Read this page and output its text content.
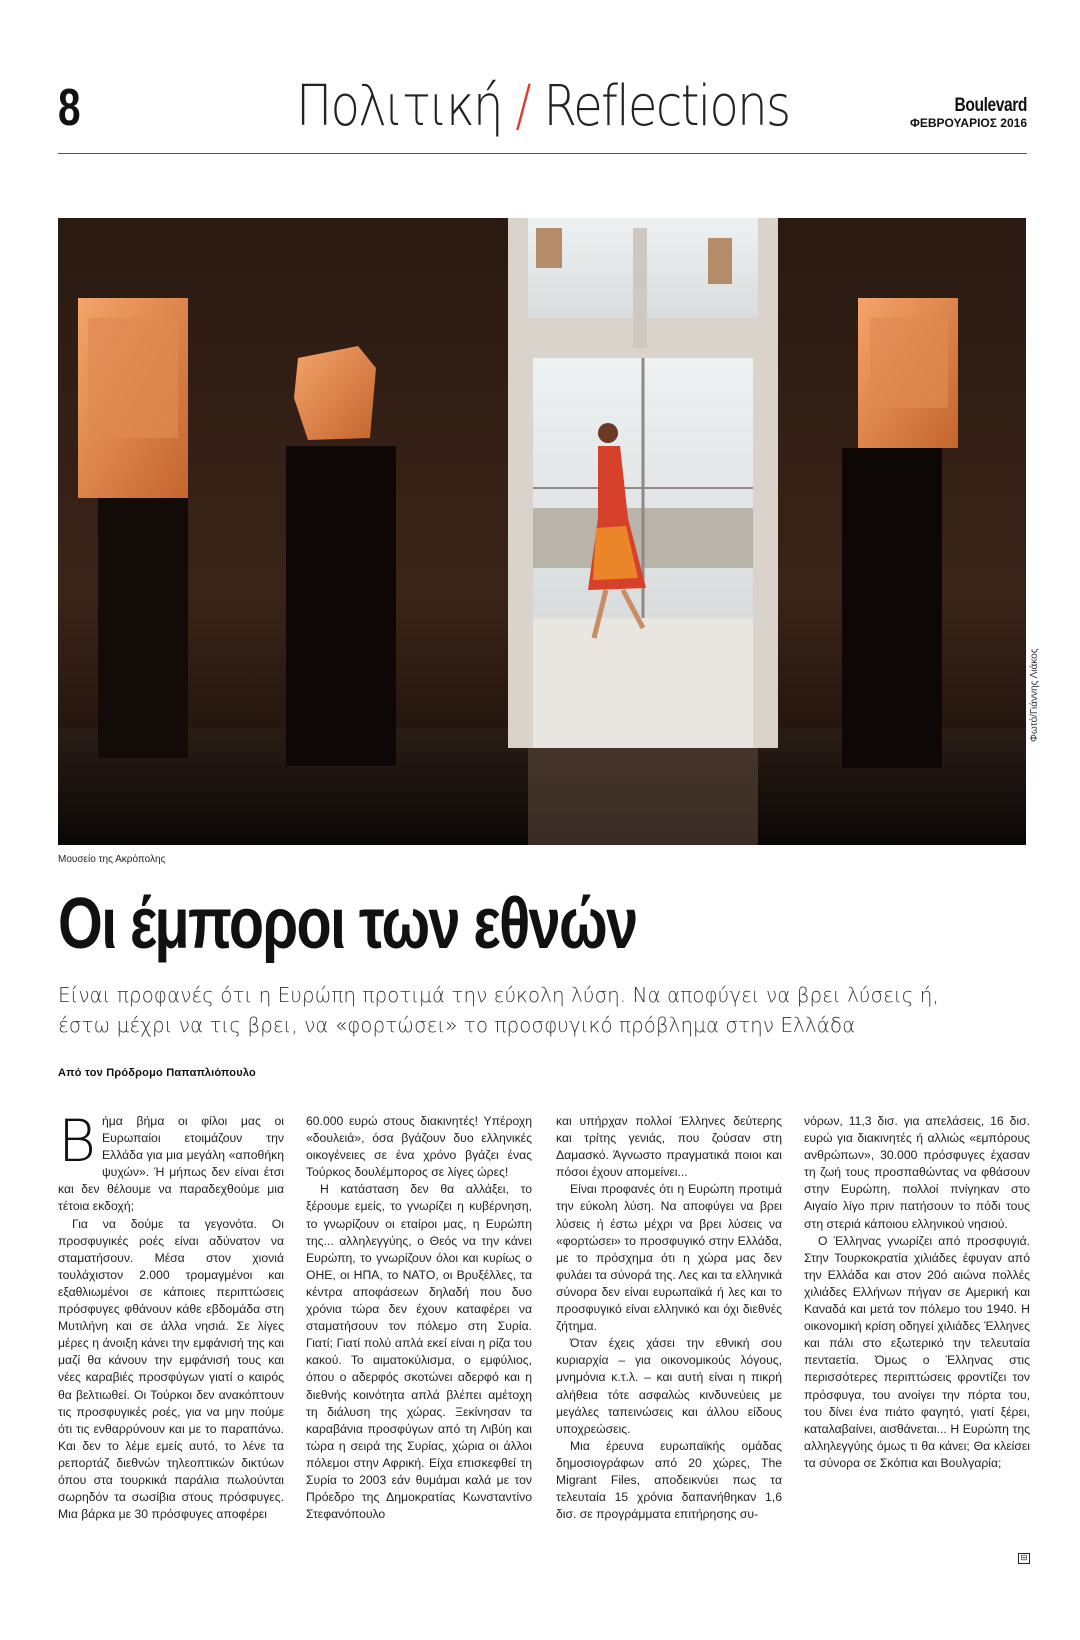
8	Πολιτική / Reflections	Boulevard
ΦΕΒΡΟΥΑΡΙΟΣ 2016
Φωτό/Γιάννης Λιάκος
Μουσείο της Ακρόπολης
Οι έμποροι των εθνών
Είναι προφανές ότι η Ευρώπη προτιμά την εύκολη λύση. Να αποφύγει να βρει λύσεις ή, έστω μέχρι να τις βρει, να «φορτώσει» το προσφυγικό πρόβλημα στην Ελλάδα
Από τον Πρόδρομο Παπαπλιόπουλο

Βήμα βήμα οι φίλοι μας οι Ευρωπαίοι ετοιμάζουν την Ελλάδα για μια μεγάλη «αποθήκη ψυχών». Ή μήπως δεν είναι έτσι και δεν θέλουμε να παραδεχθούμε μια τέτοια εκδοχή;

Για να δούμε τα γεγονότα. Οι προσφυγικές ροές είναι αδύνατον να σταματήσουν. Μέσα στον χιονιά τουλάχιστον 2.000 τρομαγμένοι και εξαθλιωμένοι σε κάποιες περιπτώσεις πρόσφυγες φθάνουν κάθε εβδομάδα στη Μυτιλήνη και σε άλλα νησιά. Σε λίγες μέρες η άνοιξη κάνει την εμφάνισή της και μαζί θα κάνουν την εμφάνισή τους και νέες καραβιές προσφύγων γιατί ο καιρός θα βελτιωθεί. Οι Τούρκοι δεν ανακόπτουν τις προσφυγικές ροές, για να μην πούμε ότι τις ενθαρρύνουν και με το παραπάνω. Και δεν το λέμε εμείς αυτό, το λένε τα ρεπορτάζ διεθνών τηλεοπτικών δικτύων όπου στα τουρκικά παράλια πωλούνται σωρηδόν τα σωσίβια στους πρόσφυγες. Μια βάρκα με 30 πρόσφυγες αποφέρει

60.000 ευρώ στους διακινητές! Υπέροχη «δουλειά», όσα βγάζουν δυο ελληνικές οικογένειες σε ένα χρόνο βγάζει ένας Τούρκος δουλέμπορος σε λίγες ώρες!

Η κατάσταση δεν θα αλλάξει, το ξέρουμε εμείς, το γνωρίζει η κυβέρνηση, το γνωρίζουν οι εταίροι μας, η Ευρώπη της... αλληλεγγύης, ο Θεός να την κάνει Ευρώπη, το γνωρίζουν όλοι και κυρίως ο ΟΗΕ, οι ΗΠΑ, το ΝΑΤΟ, οι Βρυξέλλες, τα κέντρα αποφάσεων δηλαδή που δυο χρόνια τώρα δεν έχουν καταφέρει να σταματήσουν τον πόλεμο στη Συρία. Γιατί; Γιατί πολύ απλά εκεί είναι η ρίζα του κακού. Το αιματοκύλισμα, ο εμφύλιος, όπου ο αδερφός σκοτώνει αδερφό και η διεθνής κοινότητα απλά βλέπει αμέτοχη τη διάλυση της χώρας. Ξεκίνησαν τα καραβάνια προσφύγων από τη Λιβύη και τώρα η σειρά της Συρίας, χώρια οι άλλοι πόλεμοι στην Αφρική. Είχα επισκεφθεί τη Συρία το 2003 εάν θυμάμαι καλά με τον Πρόεδρο της Δημοκρατίας Κωνσταντίνο Στεφανόπουλο

και υπήρχαν πολλοί Έλληνες δεύτερης και τρίτης γενιάς, που ζούσαν στη Δαμασκό. Άγνωστο πραγματικά ποιοι και πόσοι έχουν απομείνει...

Είναι προφανές ότι η Ευρώπη προτιμά την εύκολη λύση. Να αποφύγει να βρει λύσεις ή έστω μέχρι να βρει λύσεις να «φορτώσει» το προσφυγικό στην Ελλάδα, με το πρόσχημα ότι η χώρα μας δεν φυλάει τα σύνορά της. Λες και τα ελληνικά σύνορα δεν είναι ευρωπαϊκά ή λες και το προσφυγικό είναι ελληνικό και όχι διεθνές ζήτημα.

Όταν έχεις χάσει την εθνική σου κυριαρχία – για οικονομικούς λόγους, μνημόνια κ.τ.λ. – και αυτή είναι η πικρή αλήθεια τότε ασφαλώς κινδυνεύεις με μεγάλες ταπεινώσεις και άλλου είδους υποχρεώσεις.

Μια έρευνα ευρωπαϊκής ομάδας δημοσιογράφων από 20 χώρες, The Migrant Files, αποδεικνύει πως τα τελευταία 15 χρόνια δαπανήθηκαν 1,6 δισ. σε προγράμματα επιτήρησης συ-

νόρων, 11,3 δισ. για απελάσεις, 16 δισ. ευρώ για διακινητές ή αλλιώς «εμπόρους ανθρώπων», 30.000 πρόσφυγες έχασαν τη ζωή τους προσπαθώντας να φθάσουν στην Ευρώπη, πολλοί πνίγηκαν στο Αιγαίο λίγο πριν πατήσουν το πόδι τους στη στεριά κάποιου ελληνικού νησιού.

Ο Έλληνας γνωρίζει από προσφυγιά. Στην Τουρκοκρατία χιλιάδες έφυγαν από την Ελλάδα και στον 20ό αιώνα πολλές χιλιάδες Ελλήνων πήγαν σε Αμερική και Καναδά και μετά τον πόλεμο του 1940. Η οικονομική κρίση οδηγεί χιλιάδες Έλληνες και πάλι στο εξωτερικό την τελευταία πενταετία. Όμως ο Έλληνας στις περισσότερες περιπτώσεις φροντίζει τον πρόσφυγα, του ανοίγει την πόρτα του, του δίνει ένα πιάτο φαγητό, γιατί ξέρει, καταλαβαίνει, αισθάνεται... Η Ευρώπη της αλληλεγγύης όμως τι θα κάνει; Θα κλείσει τα σύνορα σε Σκόπια και Βουλγαρία;

⊟
